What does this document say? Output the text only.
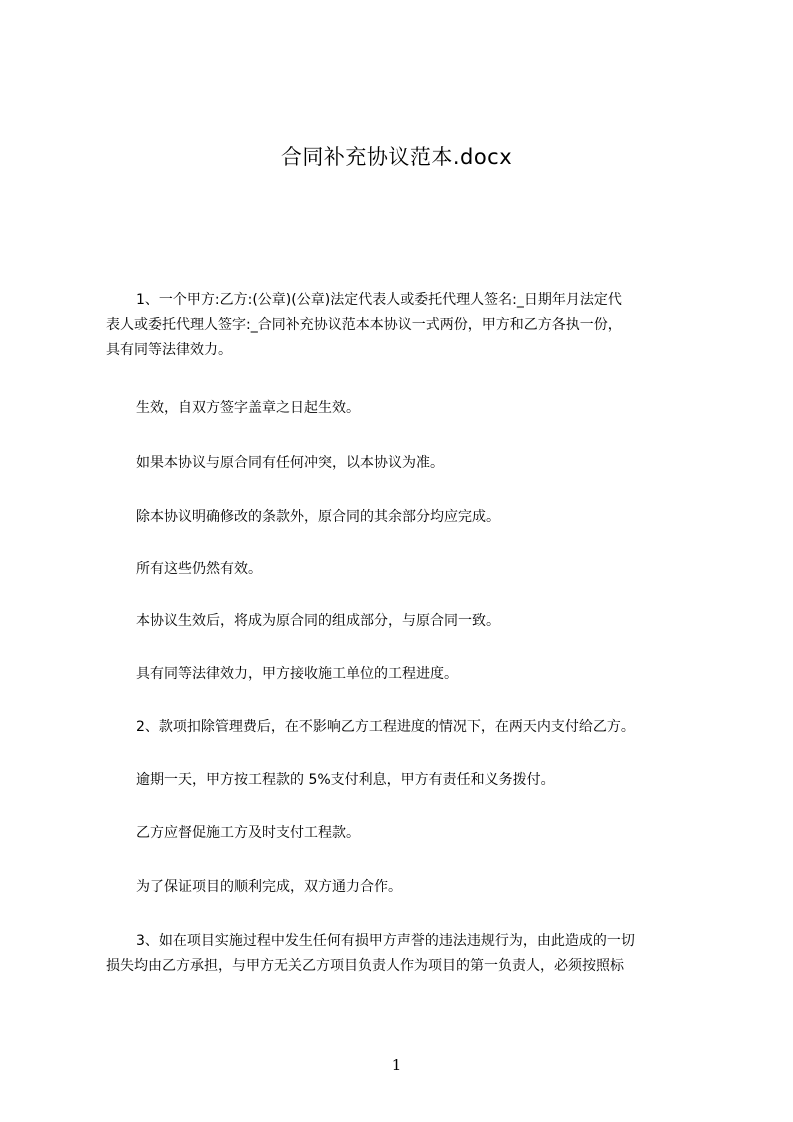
合同补充协议范本.docx
1、一个甲方:乙方:(公章)(公章)法定代表人或委托代理人签名:_日期年月法定代
表人或委托代理人签字:_合同补充协议范本本协议一式两份，甲方和乙方各执一份，
具有同等法律效力。

生效，自双方签字盖章之日起生效。

如果本协议与原合同有任何冲突，以本协议为准。

除本协议明确修改的条款外，原合同的其余部分均应完成。

所有这些仍然有效。

本协议生效后，将成为原合同的组成部分，与原合同一致。

具有同等法律效力，甲方接收施工单位的工程进度。

2、款项扣除管理费后，在不影响乙方工程进度的情况下，在两天内支付给乙方。

逾期一天，甲方按工程款的 5%支付利息，甲方有责任和义务拨付。

乙方应督促施工方及时支付工程款。

为了保证项目的顺利完成，双方通力合作。

3、如在项目实施过程中发生任何有损甲方声誉的违法违规行为，由此造成的一切
损失均由乙方承担，与甲方无关乙方项目负责人作为项目的第一负责人，必须按照标

1
